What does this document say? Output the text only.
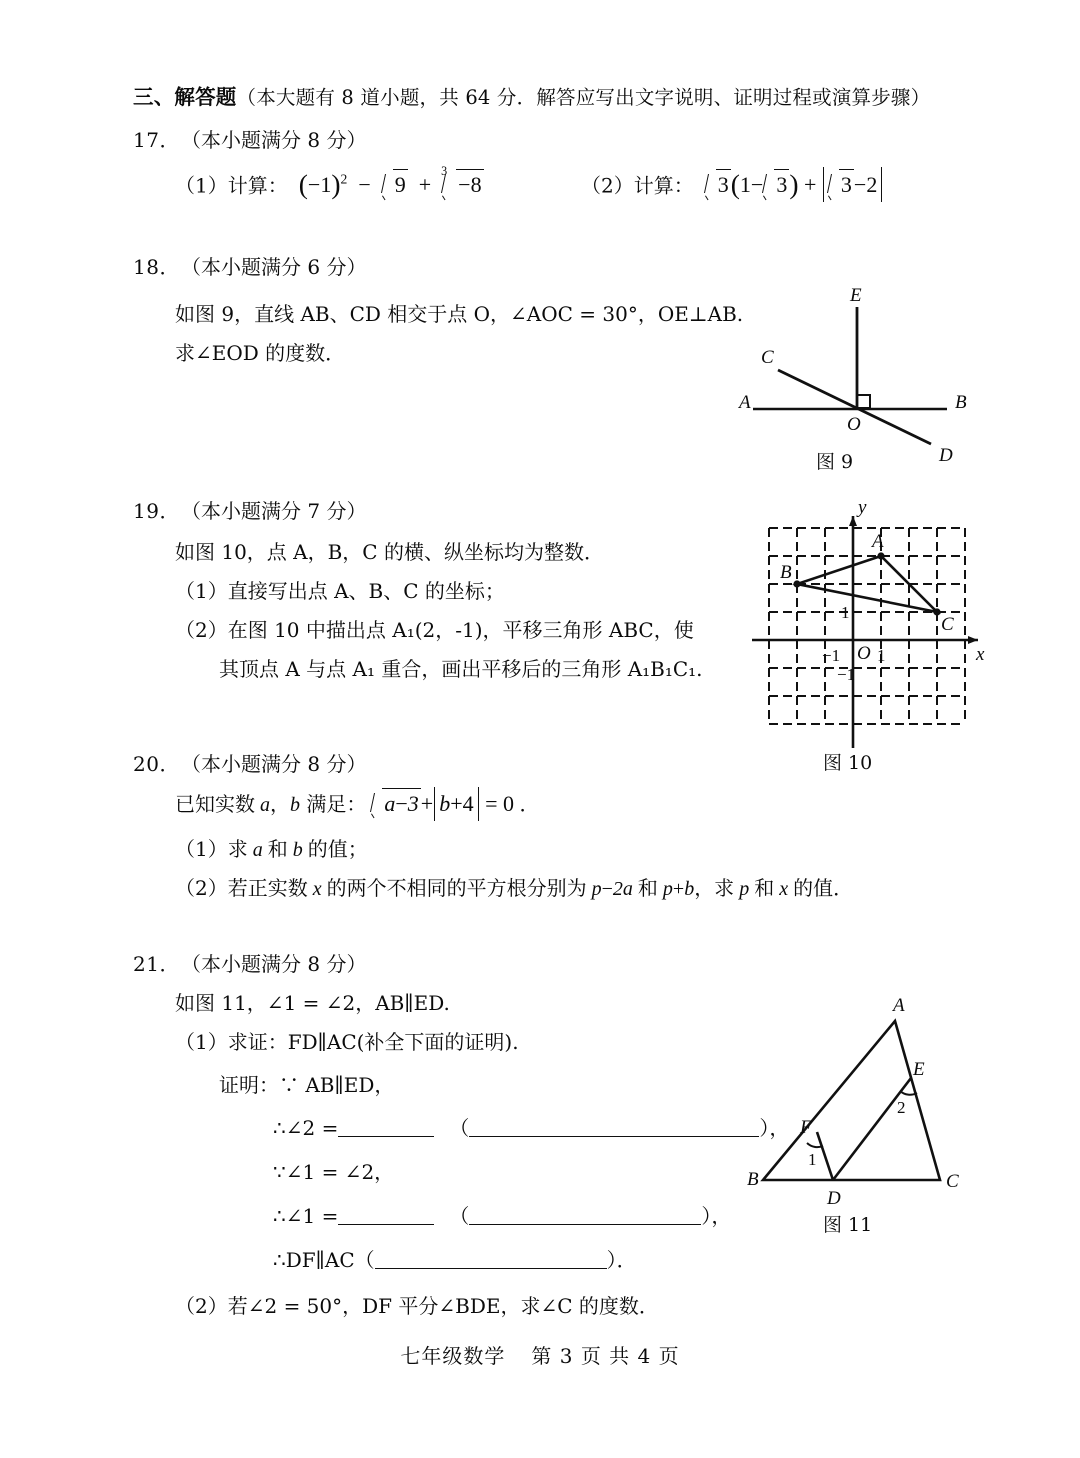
三、解答题（本大题有 8 道小题，共 64 分．解答应写出文字说明、证明过程或演算步骤）
17． （本小题满分 8 分）
（1）计算： $(-1)^2 - 9$  +
3
−8	（2）计算： 3(1− 3) + 3−2
18． （本小题满分 6 分）
如图 9，直线 AB、CD 相交于点 O，∠AOC = 30°，OE⊥AB.
求∠EOD 的度数．
A	B
C
D
E
O
图 9
19． （本小题满分 7 分）
如图 10，点 A，B，C 的横、纵坐标均为整数．
（1）直接写出点 A、B、C 的坐标；
（2）在图 10 中描出点 A₁(2，-1)，平移三角形 ABC，使
其顶点 A 与点 A₁ 重合，画出平移后的三角形 A₁B₁C₁.
A
B
C
y
x
O
−1 1
1
−1
图 10
20． （本小题满分 8 分）
已知实数 a，b 满足： a−3+ b+4 = 0 ．
（1）求 a 和 b 的值；
（2）若正实数 x 的两个不相同的平方根分别为 p−2a 和 p+b，求 p 和 x 的值．
21． （本小题满分 8 分）
如图 11，∠1 = ∠2，AB∥ED.
（1）求证：FD∥AC(补全下面的证明).
证明：∵ AB∥ED，
∴∠2 =	（	），
∵∠1 = ∠2，
∴∠1 =	（	），
∴DF∥AC（	）．
（2）若∠2 = 50°，DF 平分∠BDE，求∠C 的度数．
A
B	C
D
E
F
1
2
图 11
七年级数学 第 3 页 共 4 页
